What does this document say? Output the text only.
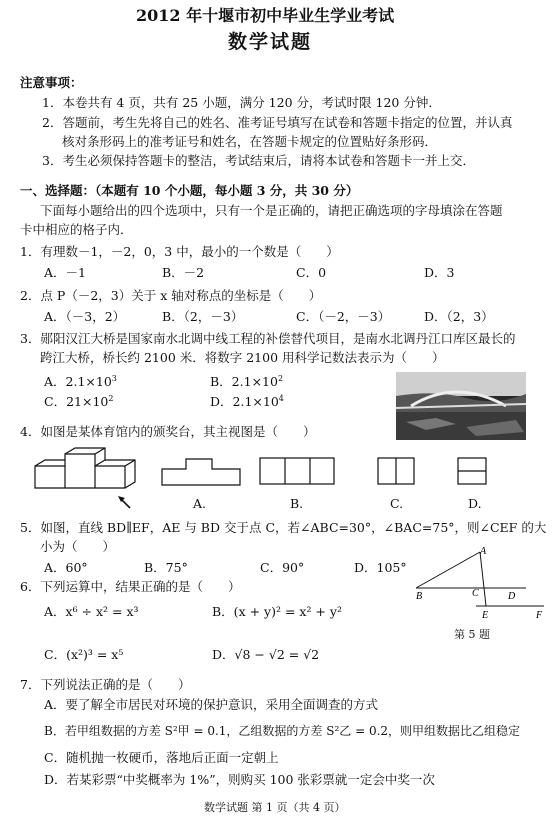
2012 年十堰市初中毕业生学业考试
数学试题
注意事项：
1．本卷共有 4 页，共有 25 小题，满分 120 分，考试时限 120 分钟．
2．答题前，考生先将自己的姓名、准考证号填写在试卷和答题卡指定的位置，并认真
核对条形码上的准考证号和姓名，在答题卡规定的位置贴好条形码．
3．考生必须保持答题卡的整洁，考试结束后，请将本试卷和答题卡一并上交．
一、选择题：（本题有 10 个小题，每小题 3 分，共 30 分）
下面每小题给出的四个选项中，只有一个是正确的，请把正确选项的字母填涂在答题
卡中相应的格子内．
1．有理数－1，－2，0，3 中，最小的一个数是（　　）
A．－1	B．－2	C．0	D．3
2．点 P（－2，3）关于 x 轴对称点的坐标是（　　）
A．（－3，2）	B．（2，－3）	C．（－2，－3）	D．（2，3）
3．郧阳汉江大桥是国家南水北调中线工程的补偿替代项目，是南水北调丹江口库区最长的
跨江大桥，桥长约 2100 米．将数字 2100 用科学记数法表示为（　　）
A．$2.1\times 10^3$	B．$2.1\times 10^2$
C．$21\times 10^2$	D．$2.1\times 10^4$
4．如图是某体育馆内的颁奖台，其主视图是（　　）
A.	B.	C.	D.
5．如图，直线 BD∥EF，AE 与 BD 交于点 C，若∠ABC=30°，∠BAC=75°，则∠CEF 的大
小为（　　）
A．60°	B．75°	C．90°	D．105°
A
B	C	D
E	F
第 5 题
6．下列运算中，结果正确的是（　　）
A．x⁶ ÷ x² = x³	B．(x + y)² = x² + y²
C．(x²)³ = x⁵	D．√8 − √2 = √2
7．下列说法正确的是（　　）
A．要了解全市居民对环境的保护意识，采用全面调查的方式
B．若甲组数据的方差 S²甲 = 0.1，乙组数据的方差 S²乙 = 0.2，则甲组数据比乙组稳定
C．随机抛一枚硬币，落地后正面一定朝上
D．若某彩票“中奖概率为 1%”，则购买 100 张彩票就一定会中奖一次
数学试题 第 1 页（共 4 页）
